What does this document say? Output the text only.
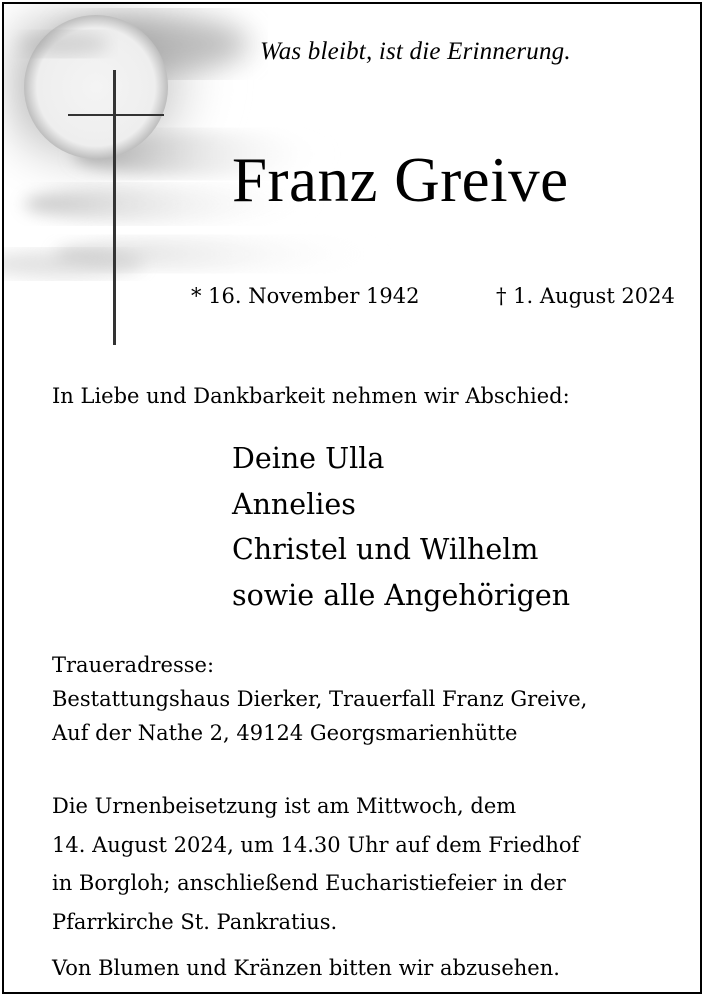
Was bleibt, ist die Erinnerung.
Franz Greive
* 16. November 1942	† 1. August 2024
In Liebe und Dankbarkeit nehmen wir Abschied:
Deine Ulla
Annelies
Christel und Wilhelm
sowie alle Angehörigen
Traueradresse:
Bestattungshaus Dierker, Trauerfall Franz Greive,
Auf der Nathe 2, 49124 Georgsmarienhütte
Die Urnenbeisetzung ist am Mittwoch, dem
14. August 2024, um 14.30 Uhr auf dem Friedhof
in Borgloh; anschließend Eucharistiefeier in der
Pfarrkirche St. Pankratius.
Von Blumen und Kränzen bitten wir abzusehen.
